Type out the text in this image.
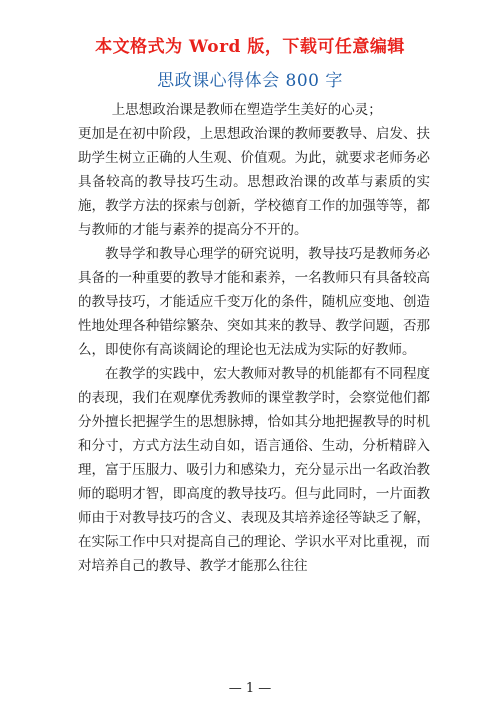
本文格式为 Word 版，下载可任意编辑
思政课心得体会 800 字

上思想政治课是教师在塑造学生美好的心灵；

更加是在初中阶段，上思想政治课的教师要教导、启发、扶助学生树立正确的人生观、价值观。为此，就要求老师务必具备较高的教导技巧生动。思想政治课的改革与素质的实施，教学方法的探索与创新，学校德育工作的加强等等，都与教师的才能与素养的提高分不开的。

教导学和教导心理学的研究说明，教导技巧是教师务必具备的一种重要的教导才能和素养，一名教师只有具备较高的教导技巧，才能适应千变万化的条件，随机应变地、创造性地处理各种错综繁杂、突如其来的教导、教学问题，否那么，即使你有高谈阔论的理论也无法成为实际的好教师。

在教学的实践中，宏大教师对教导的机能都有不同程度的表现，我们在观摩优秀教师的课堂教学时，会察觉他们都分外擅长把握学生的思想脉搏，恰如其分地把握教导的时机和分寸，方式方法生动自如，语言通俗、生动，分析精辟入理，富于压服力、吸引力和感染力，充分显示出一名政治教师的聪明才智，即高度的教导技巧。但与此同时，一片面教师由于对教导技巧的含义、表现及其培养途径等缺乏了解，在实际工作中只对提高自己的理论、学识水平对比重视，而对培养自己的教导、教学才能那么往往

— 1 —
